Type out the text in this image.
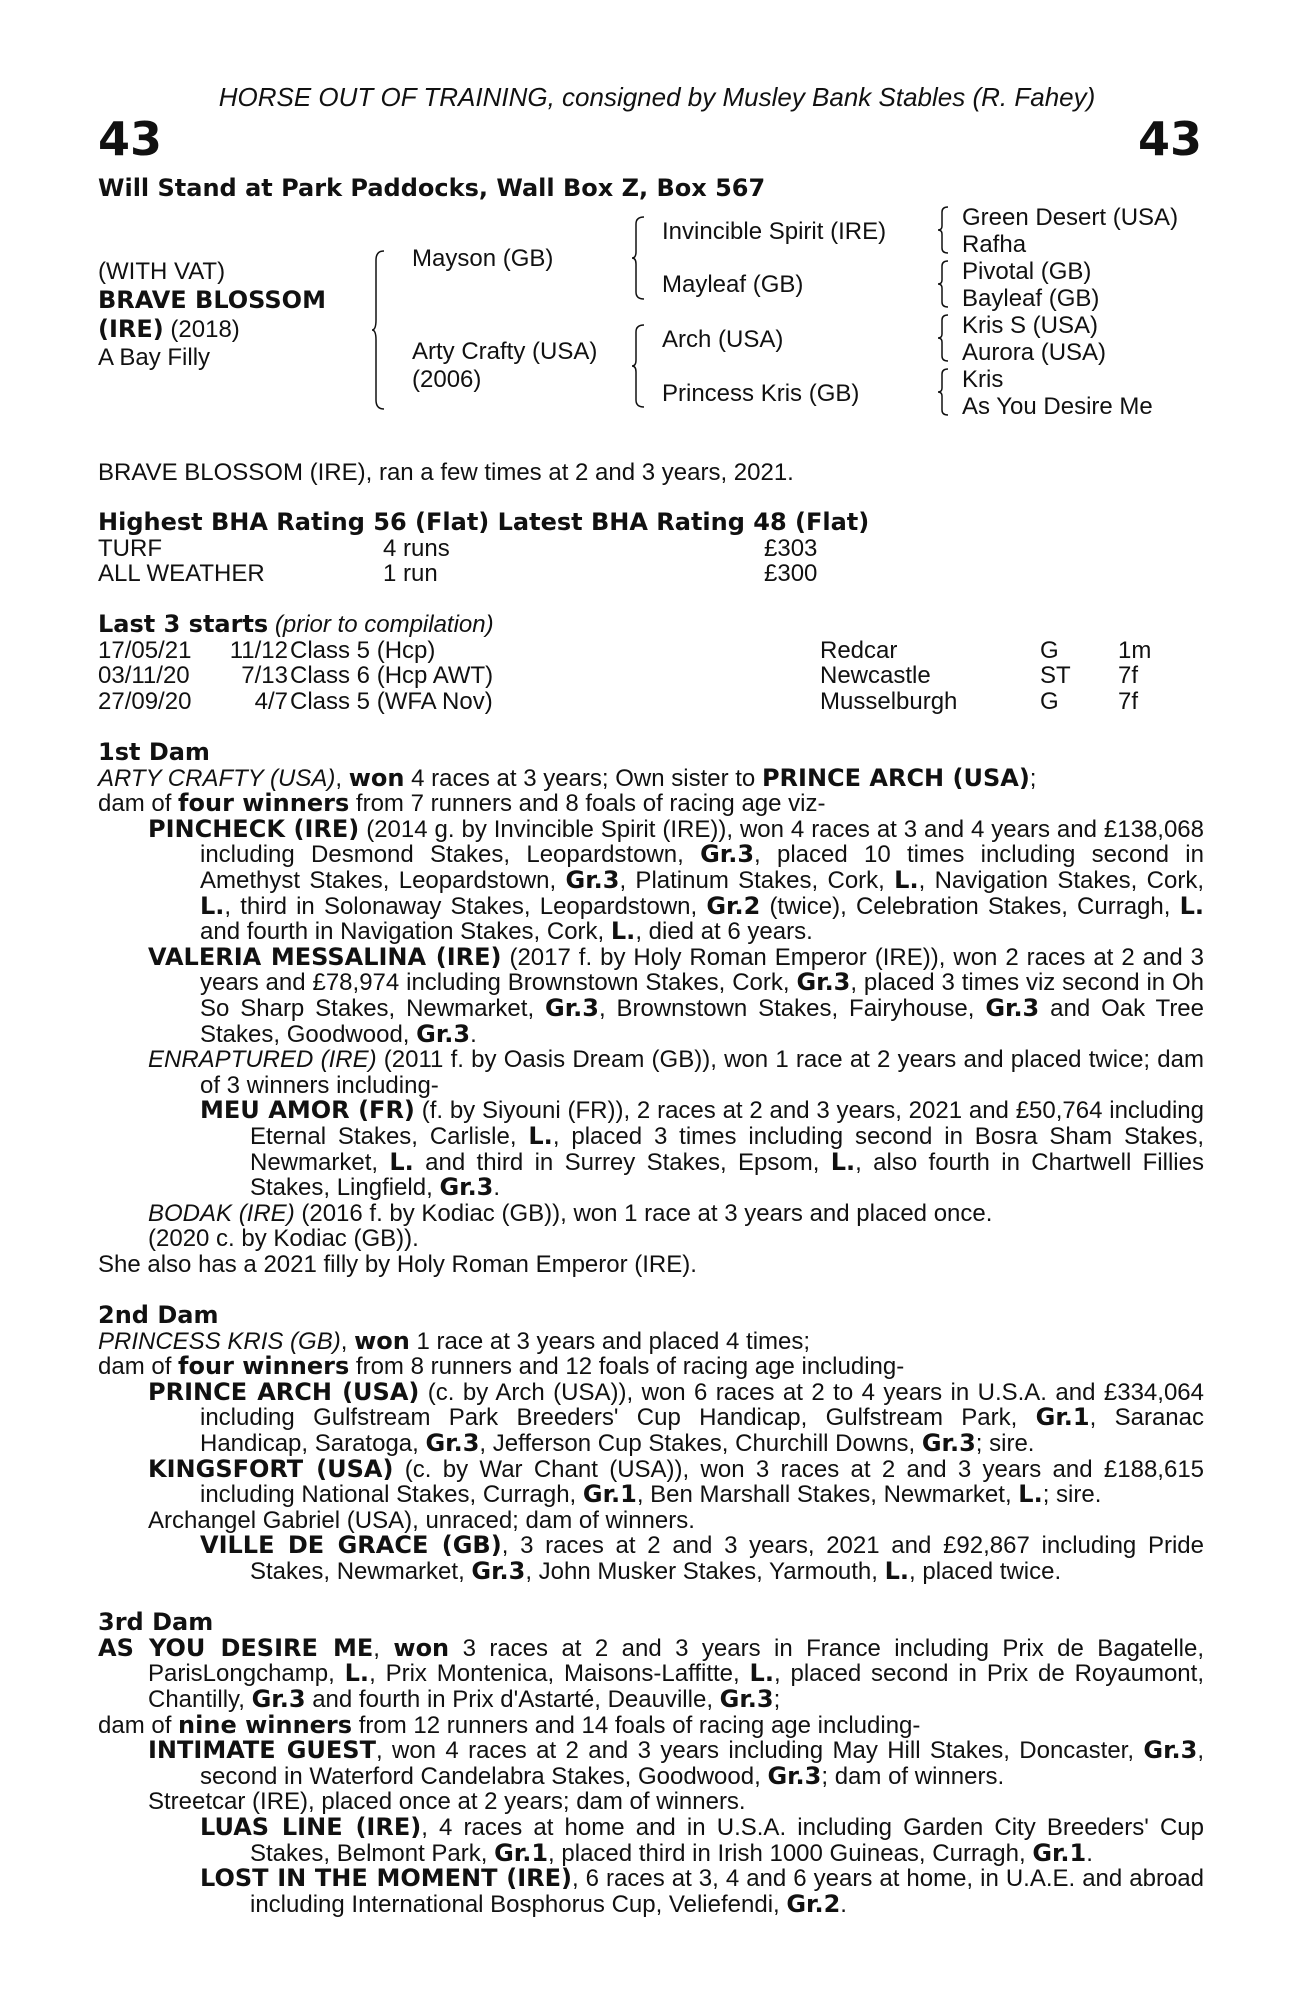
HORSE OUT OF TRAINING, consigned by Musley Bank Stables (R. Fahey)
43	43
Will Stand at Park Paddocks, Wall Box Z, Box 567
(WITH VAT)
BRAVE BLOSSOM
(IRE) (2018)
A Bay Filly
Mayson (GB)
Arty Crafty (USA)
(2006)
Invincible Spirit (IRE)
Mayleaf (GB)
Arch (USA)
Princess Kris (GB)
Green Desert (USA)
Rafha
Pivotal (GB)
Bayleaf (GB)
Kris S (USA)
Aurora (USA)
Kris
As You Desire Me
BRAVE BLOSSOM (IRE), ran a few times at 2 and 3 years, 2021.
Highest BHA Rating 56 (Flat) Latest BHA Rating 48 (Flat)
TURF	4 runs	£303
ALL WEATHER	1 run	£300
Last 3 starts (prior to compilation)
17/05/21	11/12 Class 5 (Hcp)	Redcar	G 1m
03/11/20	7/13 Class 6 (Hcp AWT)	Newcastle	ST 7f
27/09/20	4/7 Class 5 (WFA Nov)	Musselburgh	G 7f
1st Dam
ARTY CRAFTY (USA), won 4 races at 3 years; Own sister to PRINCE ARCH (USA);
dam of four winners from 7 runners and 8 foals of racing age viz-
PINCHECK (IRE) (2014 g. by Invincible Spirit (IRE)), won 4 races at 3 and 4 years and £138,068 including Desmond Stakes, Leopardstown, Gr.3, placed 10 times including second in Amethyst Stakes, Leopardstown, Gr.3, Platinum Stakes, Cork, L., Navigation Stakes, Cork, L., third in Solonaway Stakes, Leopardstown, Gr.2 (twice), Celebration Stakes, Curragh, L. and fourth in Navigation Stakes, Cork, L., died at 6 years.
VALERIA MESSALINA (IRE) (2017 f. by Holy Roman Emperor (IRE)), won 2 races at 2 and 3 years and £78,974 including Brownstown Stakes, Cork, Gr.3, placed 3 times viz second in Oh So Sharp Stakes, Newmarket, Gr.3, Brownstown Stakes, Fairyhouse, Gr.3 and Oak Tree Stakes, Goodwood, Gr.3.
ENRAPTURED (IRE) (2011 f. by Oasis Dream (GB)), won 1 race at 2 years and placed twice; dam of 3 winners including-
MEU AMOR (FR) (f. by Siyouni (FR)), 2 races at 2 and 3 years, 2021 and £50,764 including Eternal Stakes, Carlisle, L., placed 3 times including second in Bosra Sham Stakes, Newmarket, L. and third in Surrey Stakes, Epsom, L., also fourth in Chartwell Fillies Stakes, Lingfield, Gr.3.
BODAK (IRE) (2016 f. by Kodiac (GB)), won 1 race at 3 years and placed once.
(2020 c. by Kodiac (GB)).
She also has a 2021 filly by Holy Roman Emperor (IRE).
2nd Dam
PRINCESS KRIS (GB), won 1 race at 3 years and placed 4 times;
dam of four winners from 8 runners and 12 foals of racing age including-
PRINCE ARCH (USA) (c. by Arch (USA)), won 6 races at 2 to 4 years in U.S.A. and £334,064 including Gulfstream Park Breeders' Cup Handicap, Gulfstream Park, Gr.1, Saranac Handicap, Saratoga, Gr.3, Jefferson Cup Stakes, Churchill Downs, Gr.3; sire.
KINGSFORT (USA) (c. by War Chant (USA)), won 3 races at 2 and 3 years and £188,615 including National Stakes, Curragh, Gr.1, Ben Marshall Stakes, Newmarket, L.; sire.
Archangel Gabriel (USA), unraced; dam of winners.
VILLE DE GRACE (GB), 3 races at 2 and 3 years, 2021 and £92,867 including Pride Stakes, Newmarket, Gr.3, John Musker Stakes, Yarmouth, L., placed twice.
3rd Dam
AS YOU DESIRE ME, won 3 races at 2 and 3 years in France including Prix de Bagatelle, ParisLongchamp, L., Prix Montenica, Maisons-Laffitte, L., placed second in Prix de Royaumont, Chantilly, Gr.3 and fourth in Prix d'Astarté, Deauville, Gr.3;
dam of nine winners from 12 runners and 14 foals of racing age including-
INTIMATE GUEST, won 4 races at 2 and 3 years including May Hill Stakes, Doncaster, Gr.3, second in Waterford Candelabra Stakes, Goodwood, Gr.3; dam of winners.
Streetcar (IRE), placed once at 2 years; dam of winners.
LUAS LINE (IRE), 4 races at home and in U.S.A. including Garden City Breeders' Cup Stakes, Belmont Park, Gr.1, placed third in Irish 1000 Guineas, Curragh, Gr.1.
LOST IN THE MOMENT (IRE), 6 races at 3, 4 and 6 years at home, in U.A.E. and abroad including International Bosphorus Cup, Veliefendi, Gr.2.
